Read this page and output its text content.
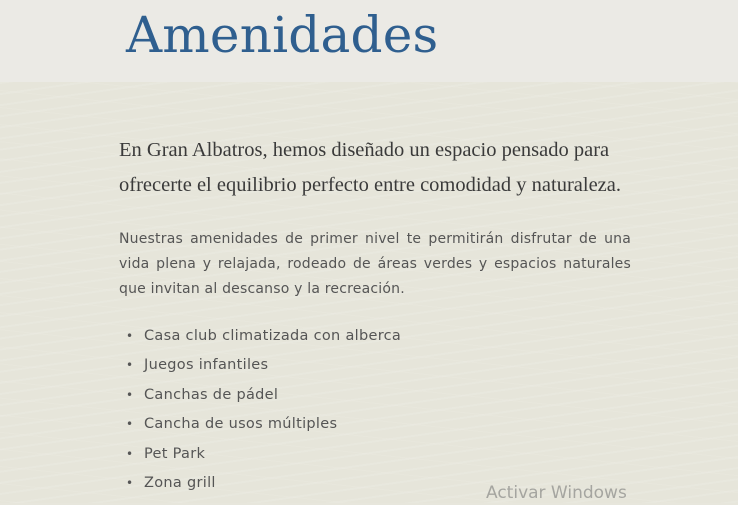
Amenidades

En Gran Albatros, hemos diseñado un espacio pensado para ofrecerte el equilibrio perfecto entre comodidad y naturaleza.

Nuestras amenidades de primer nivel te permitirán disfrutar de una vida plena y relajada, rodeado de áreas verdes y espacios naturales que invitan al descanso y la recreación.

• Casa club climatizada con alberca
• Juegos infantiles
• Canchas de pádel
• Cancha de usos múltiples
• Pet Park
• Zona grill
Activar Windows
